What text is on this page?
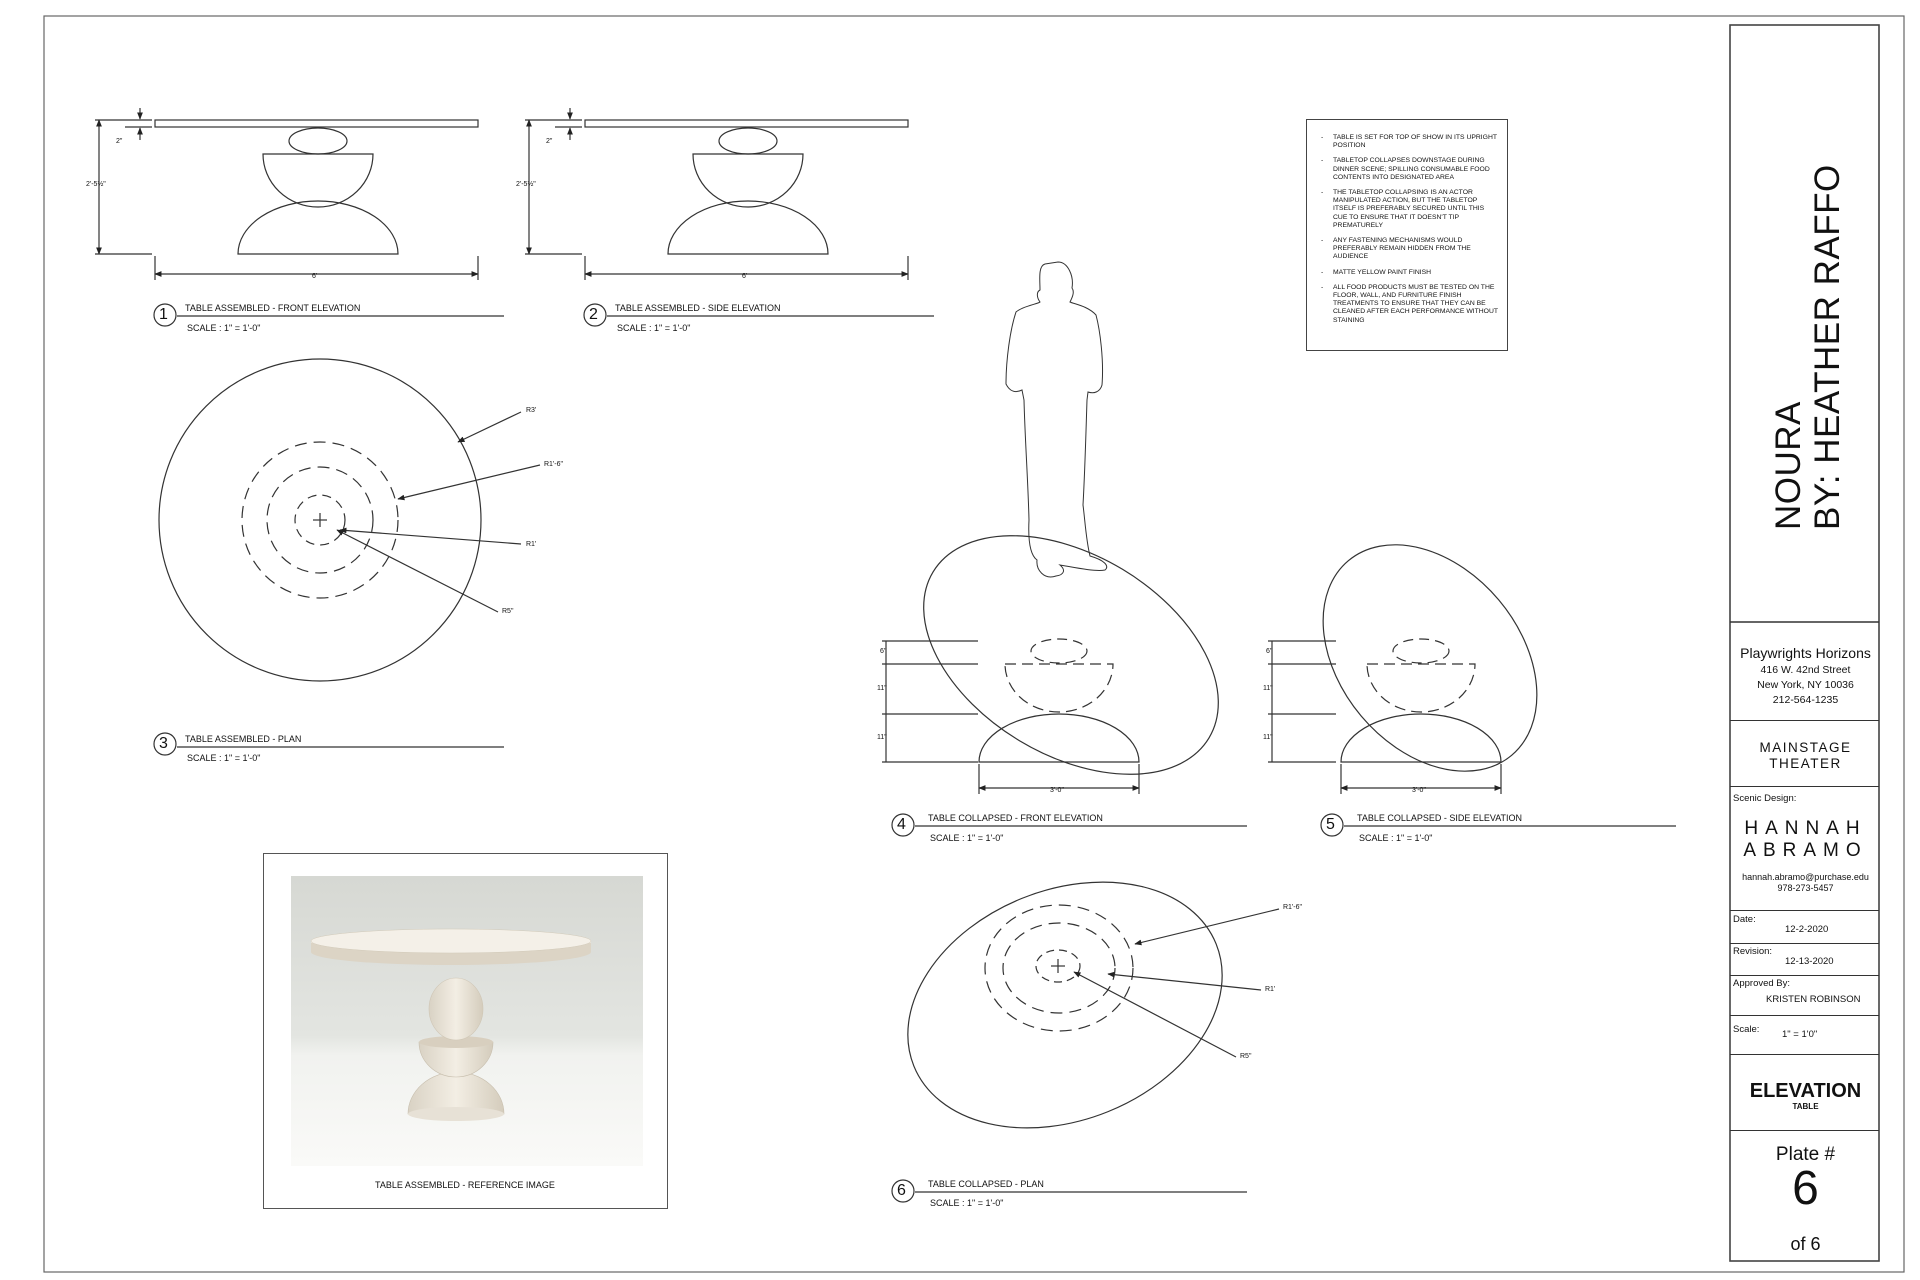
1	2
3
4	5
6
TABLE ASSEMBLED - FRONT ELEVATION
SCALE : 1" = 1'-0"
TABLE ASSEMBLED - SIDE ELEVATION
SCALE : 1" = 1'-0"
TABLE ASSEMBLED - PLAN
SCALE : 1" = 1'-0"
TABLE COLLAPSED - FRONT ELEVATION
SCALE : 1" = 1'-0"
TABLE COLLAPSED - SIDE ELEVATION
SCALE : 1" = 1'-0"
TABLE COLLAPSED - PLAN
SCALE : 1" = 1'-0"
2"
2'-5½"
6'
2"
2'-5½"
6'
R3'
R1'-6"
R1'
R5"
6"
11"
11"
3'-0"
6"
11"
11"
3'-0"
R1'-6"
R1'
R5"
- TABLE IS SET FOR TOP OF SHOW IN ITS UPRIGHT POSITION
- TABLETOP COLLAPSES DOWNSTAGE DURING DINNER SCENE; SPILLING CONSUMABLE FOOD CONTENTS INTO DESIGNATED AREA
- THE TABLETOP COLLAPSING IS AN ACTOR MANIPULATED ACTION, BUT THE TABLETOP ITSELF IS PREFERABLY SECURED UNTIL THIS CUE TO ENSURE THAT IT DOESN'T TIP PREMATURELY
- ANY FASTENING MECHANISMS WOULD PREFERABLY REMAIN HIDDEN FROM THE AUDIENCE
- MATTE YELLOW PAINT FINISH
- ALL FOOD PRODUCTS MUST BE TESTED ON THE FLOOR, WALL, AND FURNITURE FINISH TREATMENTS TO ENSURE THAT THEY CAN BE CLEANED AFTER EACH PERFORMANCE WITHOUT STAINING
TABLE ASSEMBLED - REFERENCE IMAGE
NOURA BY: HEATHER RAFFO
Playwrights Horizons
416 W. 42nd Street
New York, NY 10036
212-564-1235
MAINSTAGE
THEATER
Scenic Design:
HANNAH
ABRAMO
hannah.abramo@purchase.edu
978-273-5457
Date:
12-2-2020
Revision:
12-13-2020
Approved By:
KRISTEN ROBINSON
Scale: 1" = 1'0"
ELEVATION
TABLE
Plate #
6
of 6
